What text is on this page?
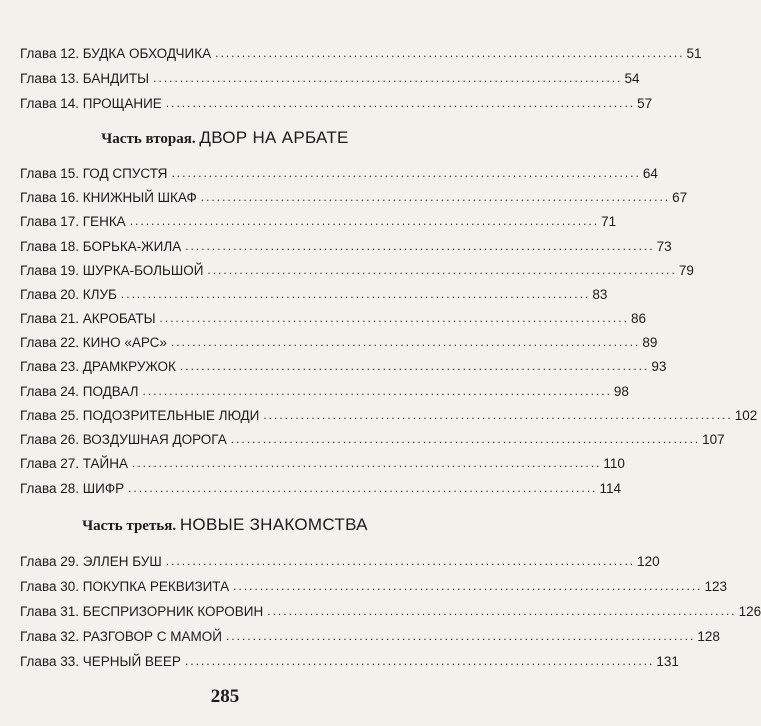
Глава 12. БУДКА ОБХОДЧИКА ........................................................................................ 51
Глава 13. БАНДИТЫ ........................................................................................ 54
Глава 14. ПРОЩАНИЕ ........................................................................................ 57
Часть вторая. ДВОР НА АРБАТЕ
Глава 15. ГОД СПУСТЯ ........................................................................................ 64
Глава 16. КНИЖНЫЙ ШКАФ ........................................................................................ 67
Глава 17. ГЕНКА ........................................................................................ 71
Глава 18. БОРЬКА-ЖИЛА ........................................................................................ 73
Глава 19. ШУРКА-БОЛЬШОЙ ........................................................................................ 79
Глава 20. КЛУБ ........................................................................................ 83
Глава 21. АКРОБАТЫ ........................................................................................ 86
Глава 22. КИНО «АРС» ........................................................................................ 89
Глава 23. ДРАМКРУЖОК ........................................................................................ 93
Глава 24. ПОДВАЛ ........................................................................................ 98
Глава 25. ПОДОЗРИТЕЛЬНЫЕ ЛЮДИ ........................................................................................ 102
Глава 26. ВОЗДУШНАЯ ДОРОГА ........................................................................................ 107
Глава 27. ТАЙНА ........................................................................................ 110
Глава 28. ШИФР ........................................................................................ 114
Часть третья. НОВЫЕ ЗНАКОМСТВА
Глава 29. ЭЛЛЕН БУШ ........................................................................................ 120
Глава 30. ПОКУПКА РЕКВИЗИТА ........................................................................................ 123
Глава 31. БЕСПРИЗОРНИК КОРОВИН ........................................................................................ 126
Глава 32. РАЗГОВОР С МАМОЙ ........................................................................................ 128
Глава 33. ЧЕРНЫЙ ВЕЕР ........................................................................................ 131
285
